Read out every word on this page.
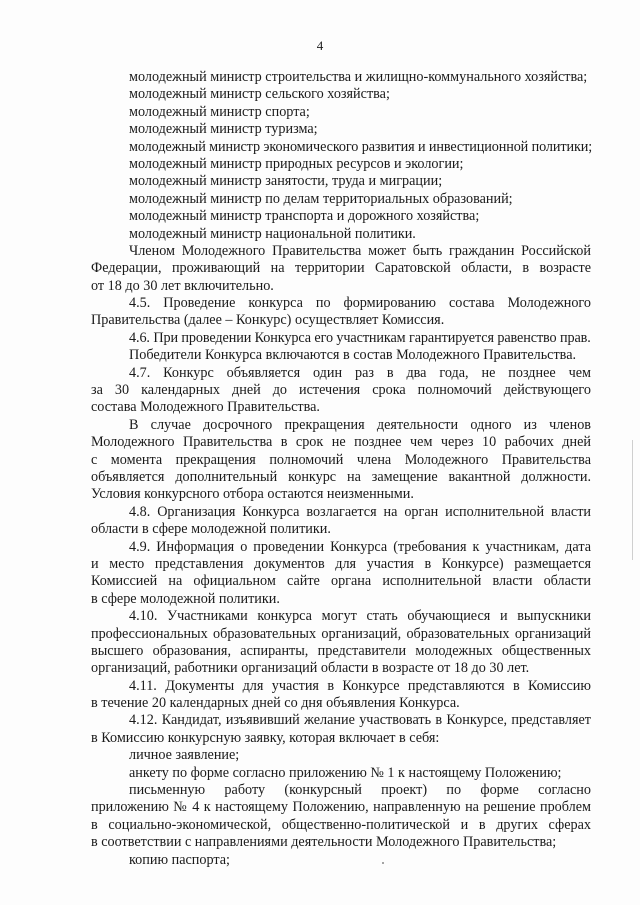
4
молодежный министр строительства и жилищно-коммунального хозяйства;
молодежный министр сельского хозяйства;
молодежный министр спорта;
молодежный министр туризма;
молодежный министр экономического развития и инвестиционной политики;
молодежный министр природных ресурсов и экологии;
молодежный министр занятости, труда и миграции;
молодежный министр по делам территориальных образований;
молодежный министр транспорта и дорожного хозяйства;
молодежный министр национальной политики.
Членом Молодежного Правительства может быть гражданин Российской
Федерации, проживающий на территории Саратовской области, в возрасте
от 18 до 30 лет включительно.
4.5. Проведение конкурса по формированию состава Молодежного
Правительства (далее – Конкурс) осуществляет Комиссия.
4.6. При проведении Конкурса его участникам гарантируется равенство прав.
Победители Конкурса включаются в состав Молодежного Правительства.
4.7. Конкурс объявляется один раз в два года, не позднее чем
за 30 календарных дней до истечения срока полномочий действующего
состава Молодежного Правительства.
В случае досрочного прекращения деятельности одного из членов
Молодежного Правительства в срок не позднее чем через 10 рабочих дней
с момента прекращения полномочий члена Молодежного Правительства
объявляется дополнительный конкурс на замещение вакантной должности.
Условия конкурсного отбора остаются неизменными.
4.8. Организация Конкурса возлагается на орган исполнительной власти
области в сфере молодежной политики.
4.9. Информация о проведении Конкурса (требования к участникам, дата
и место представления документов для участия в Конкурсе) размещается
Комиссией на официальном сайте органа исполнительной власти области
в сфере молодежной политики.
4.10. Участниками конкурса могут стать обучающиеся и выпускники
профессиональных образовательных организаций, образовательных организаций
высшего образования, аспиранты, представители молодежных общественных
организаций, работники организаций области в возрасте от 18 до 30 лет.
4.11. Документы для участия в Конкурсе представляются в Комиссию
в течение 20 календарных дней со дня объявления Конкурса.
4.12. Кандидат, изъявивший желание участвовать в Конкурсе, представляет
в Комиссию конкурсную заявку, которая включает в себя:
личное заявление;
анкету по форме согласно приложению № 1 к настоящему Положению;
письменную работу (конкурсный проект) по форме согласно
приложению № 4 к настоящему Положению, направленную на решение проблем
в социально-экономической, общественно-политической и в других сферах
в соответствии с направлениями деятельности Молодежного Правительства;
копию паспорта;
